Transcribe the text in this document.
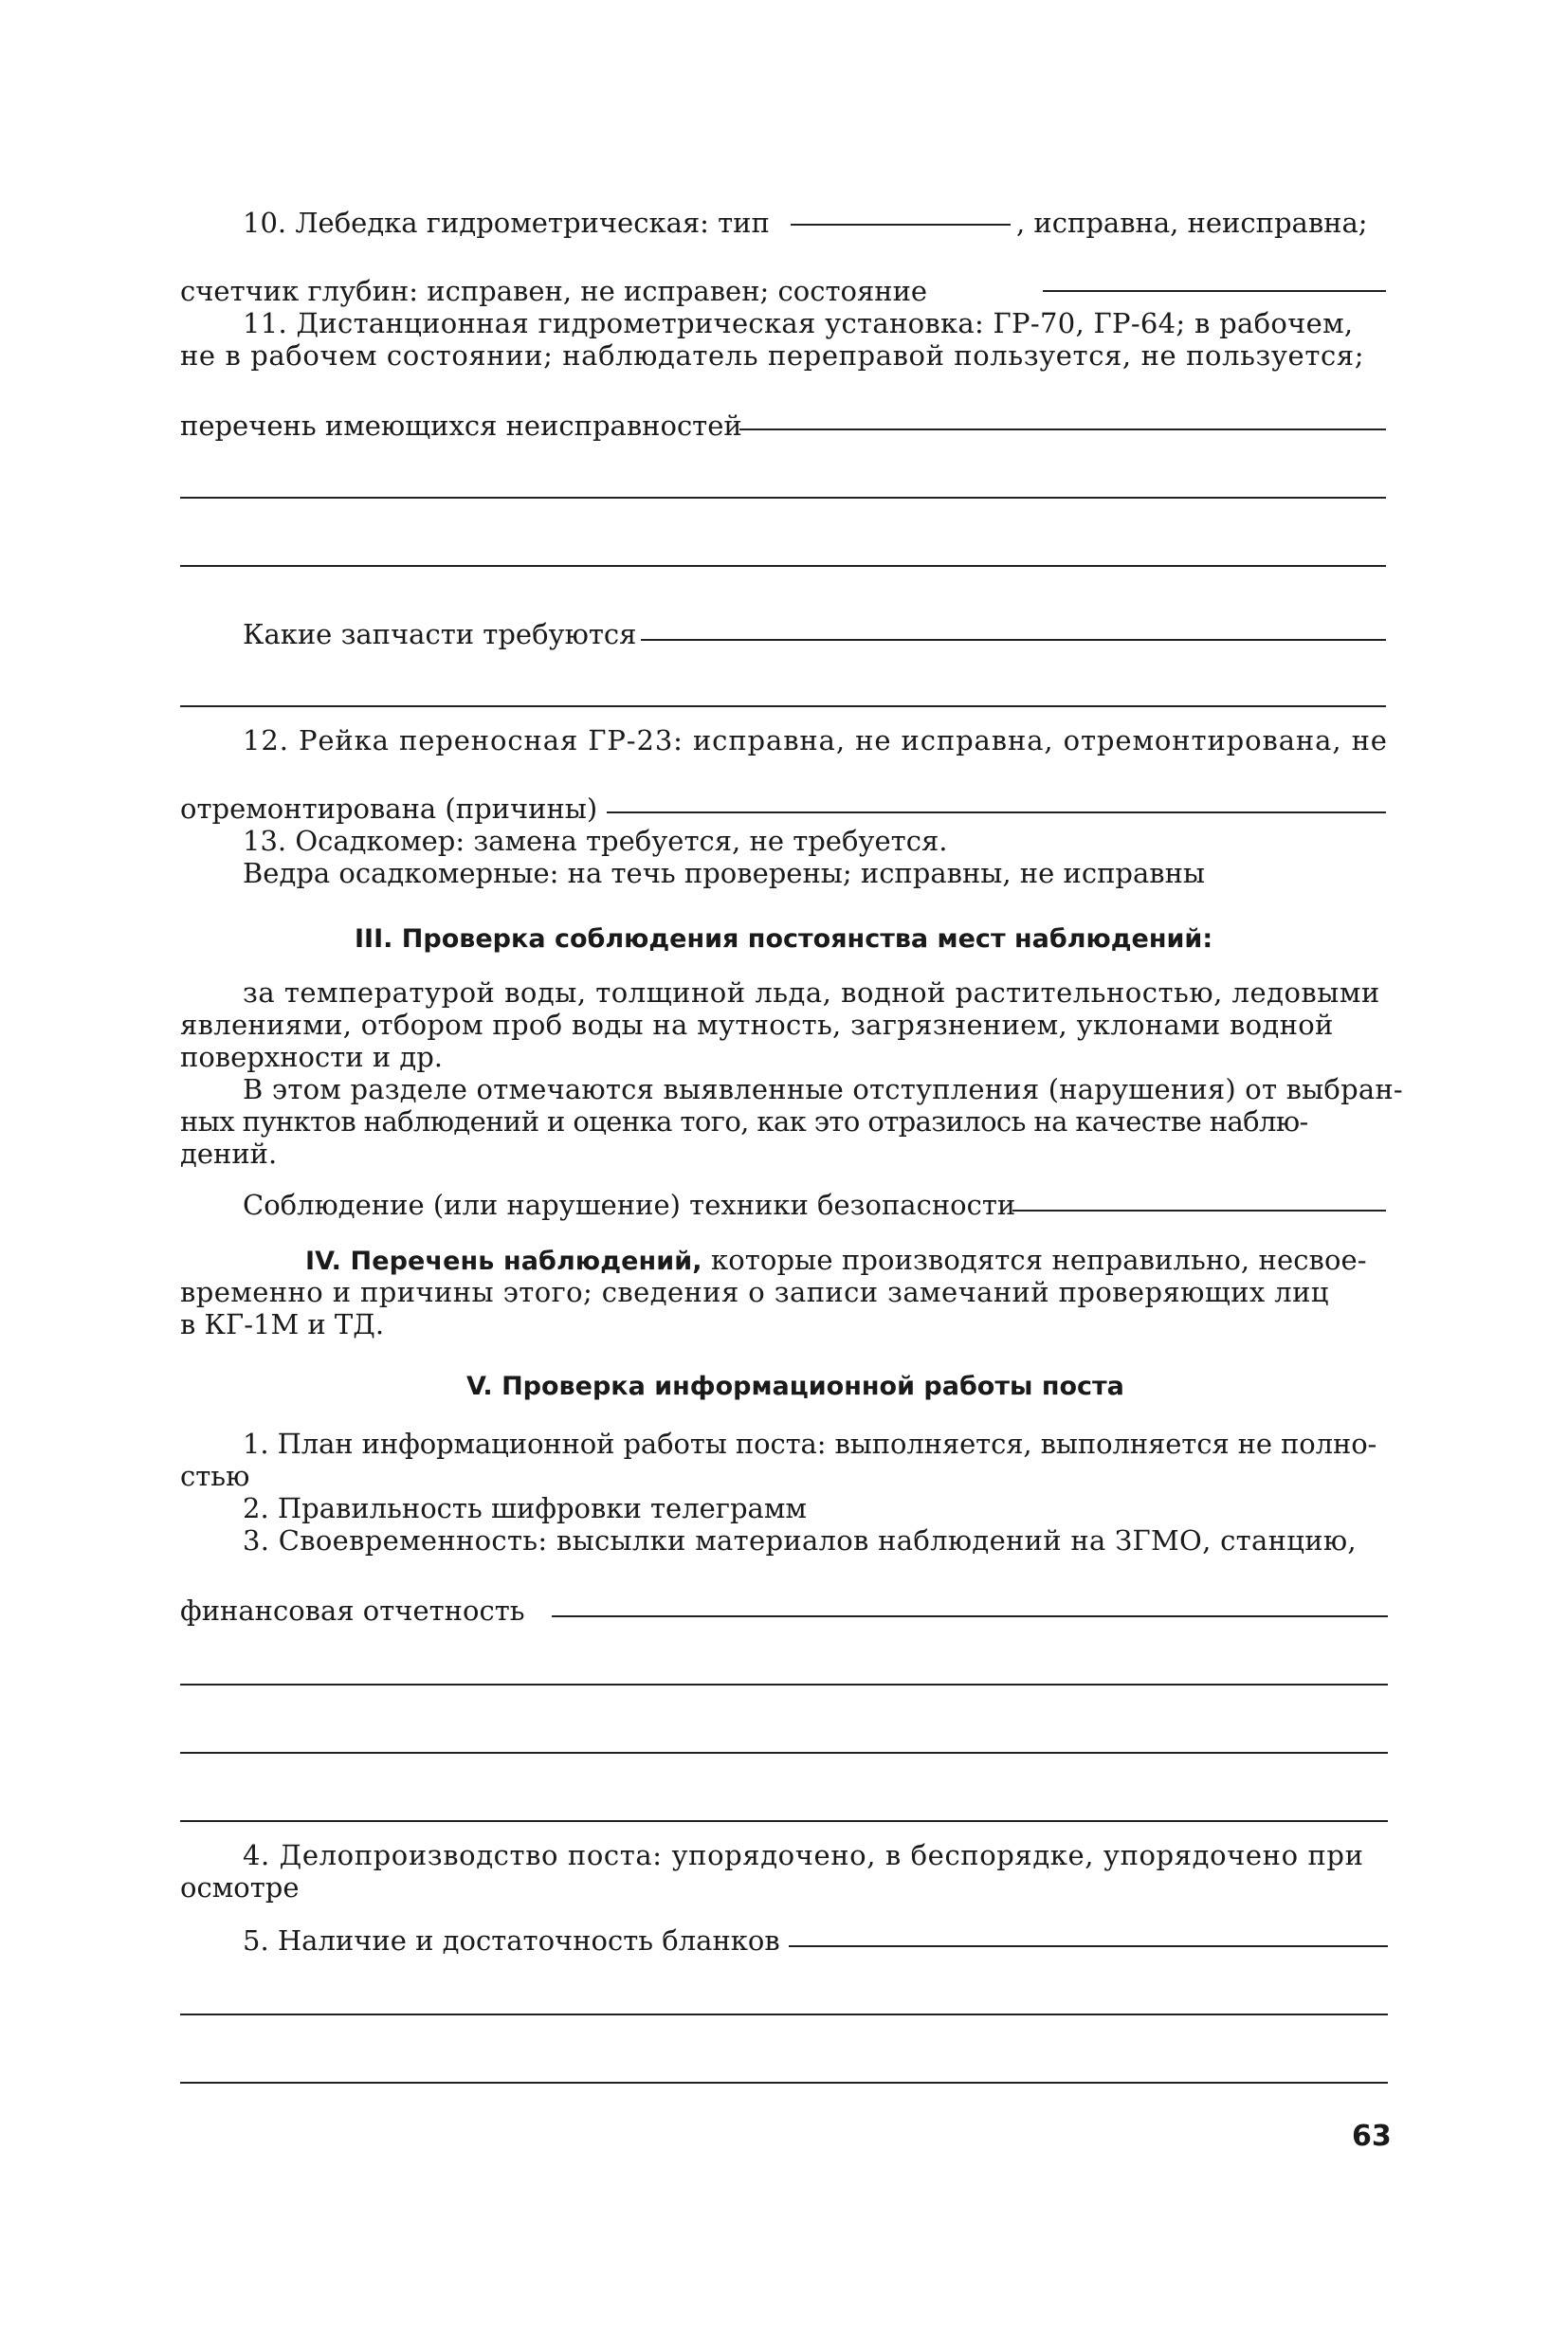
10. Лебедка гидрометрическая: тип	, исправна, неисправна;
счетчик глубин: исправен, не исправен; состояние
11. Дистанционная гидрометрическая установка: ГР-70, ГР-64; в рабочем,
не в рабочем состоянии; наблюдатель переправой пользуется, не пользуется;
перечень имеющихся неисправностей
Какие запчасти требуются
12. Рейка переносная ГР-23: исправна, не исправна, отремонтирована, не
отремонтирована (причины)
13. Осадкомер: замена требуется, не требуется.
Ведра осадкомерные: на течь проверены; исправны, не исправны
III. Проверка соблюдения постоянства мест наблюдений:
за температурой воды, толщиной льда, водной растительностью, ледовыми
явлениями, отбором проб воды на мутность, загрязнением, уклонами водной
поверхности и др.
В этом разделе отмечаются выявленные отступления (нарушения) от выбран-
ных пунктов наблюдений и оценка того, как это отразилось на качестве наблю-
дений.
Соблюдение (или нарушение) техники безопасности
IV. Перечень наблюдений, которые производятся неправильно, несвое-
временно и причины этого; сведения о записи замечаний проверяющих лиц
в КГ-1М и ТД.
V. Проверка информационной работы поста
1. План информационной работы поста: выполняется, выполняется не полно-
стью
2. Правильность шифровки телеграмм
3. Своевременность: высылки материалов наблюдений на ЗГМО, станцию,
финансовая отчетность
4. Делопроизводство поста: упорядочено, в беспорядке, упорядочено при
осмотре
5. Наличие и достаточность бланков
63
